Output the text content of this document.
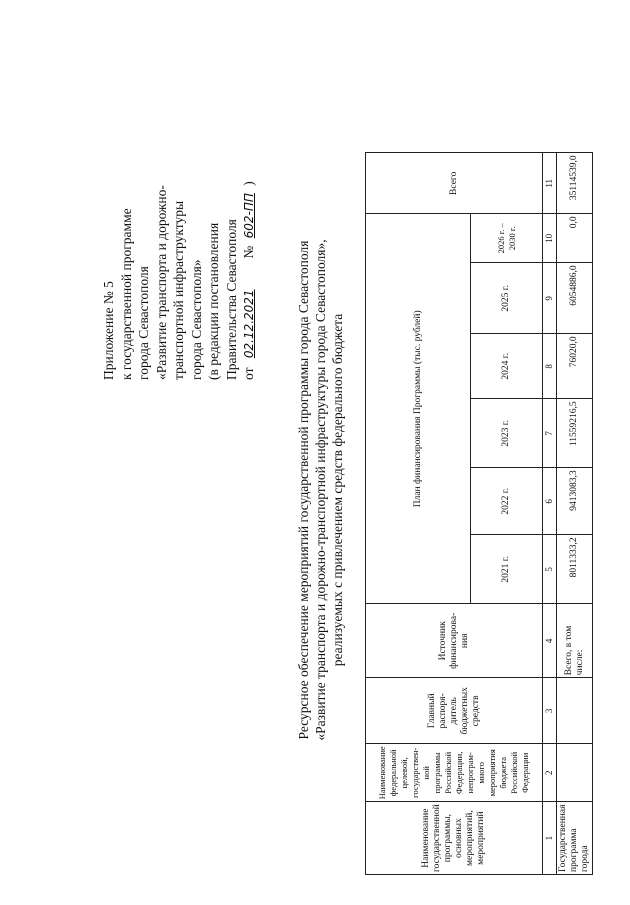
Приложение № 5 к государственной программе города Севастополя «Развитие транспорта и дорожно- транспортной инфраструктуры города Севастополя» (в редакции постановления Правительства Севастополя от 02.12.2021  № 602-ПП )
Ресурсное обеспечение мероприятий государственной программы города Севастополя «Развитие транспорта и дорожно-транспортной инфраструктуры города Севастополя», реализуемых с привлечением средств федерального бюджета
Наименование государственной программы, основных мероприятий, мероприятий	Наименование федеральной целевой, государствен-ной программы Российской Федерации, непрограм-много мероприятия бюджета Российской Федерации	Главный распоря-дитель бюджетных средств	Источник финансирова-ния	План финансирования Программы (тыс. рублей)						Всего
				2021 г.	2022 г.	2023 г.	2024 г.	2025 г.	2026 г. – 2030 г.	
1	2	3	4	5	6	7	8	9	10	11
Государственная программа города			Всего, в том числе:	8011333,2	9413083,3	11559216,5	76020,0	6054886,0	0,0	35114539,0
